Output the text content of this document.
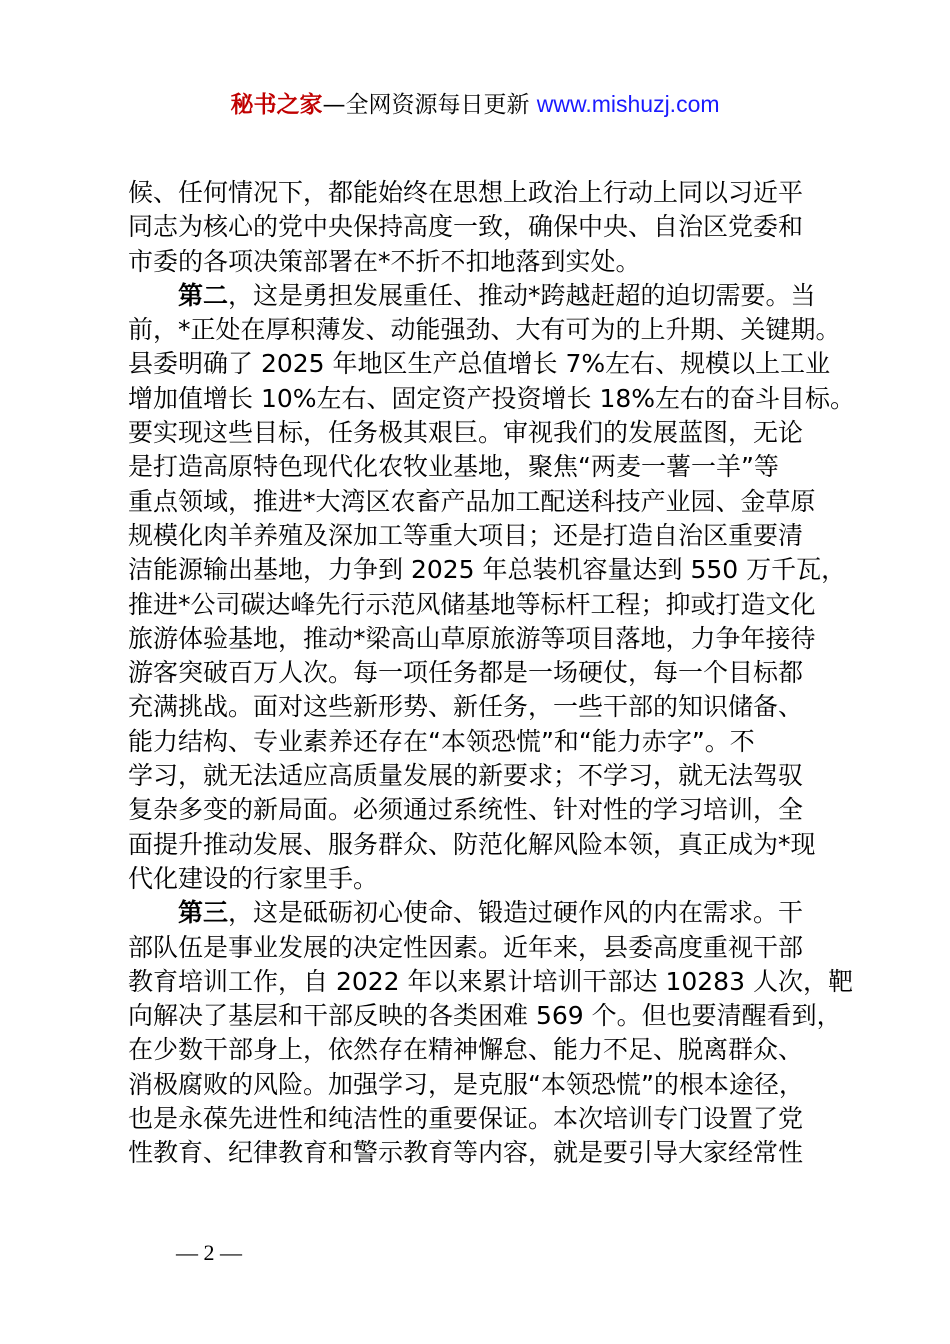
秘书之家—全网资源每日更新 www.mishuzj.com
候、任何情况下，都能始终在思想上政治上行动上同以习近平
同志为核心的党中央保持高度一致，确保中央、自治区党委和
市委的各项决策部署在*不折不扣地落到实处。
第二，这是勇担发展重任、推动*跨越赶超的迫切需要。当
前，*正处在厚积薄发、动能强劲、大有可为的上升期、关键期。
县委明确了 2025 年地区生产总值增长 7%左右、规模以上工业
增加值增长 10%左右、固定资产投资增长 18%左右的奋斗目标。
要实现这些目标，任务极其艰巨。审视我们的发展蓝图，无论
是打造高原特色现代化农牧业基地，聚焦“两麦一薯一羊”等
重点领域，推进*大湾区农畜产品加工配送科技产业园、金草原
规模化肉羊养殖及深加工等重大项目；还是打造自治区重要清
洁能源输出基地，力争到 2025 年总装机容量达到 550 万千瓦，
推进*公司碳达峰先行示范风储基地等标杆工程；抑或打造文化
旅游体验基地，推动*梁高山草原旅游等项目落地，力争年接待
游客突破百万人次。每一项任务都是一场硬仗，每一个目标都
充满挑战。面对这些新形势、新任务，一些干部的知识储备、
能力结构、专业素养还存在“本领恐慌”和“能力赤字”。不
学习，就无法适应高质量发展的新要求；不学习，就无法驾驭
复杂多变的新局面。必须通过系统性、针对性的学习培训，全
面提升推动发展、服务群众、防范化解风险本领，真正成为*现
代化建设的行家里手。
第三，这是砥砺初心使命、锻造过硬作风的内在需求。干
部队伍是事业发展的决定性因素。近年来，县委高度重视干部
教育培训工作，自 2022 年以来累计培训干部达 10283 人次，靶
向解决了基层和干部反映的各类困难 569 个。但也要清醒看到，
在少数干部身上，依然存在精神懈怠、能力不足、脱离群众、
消极腐败的风险。加强学习，是克服“本领恐慌”的根本途径，
也是永葆先进性和纯洁性的重要保证。本次培训专门设置了党
性教育、纪律教育和警示教育等内容，就是要引导大家经常性
— 2 —
